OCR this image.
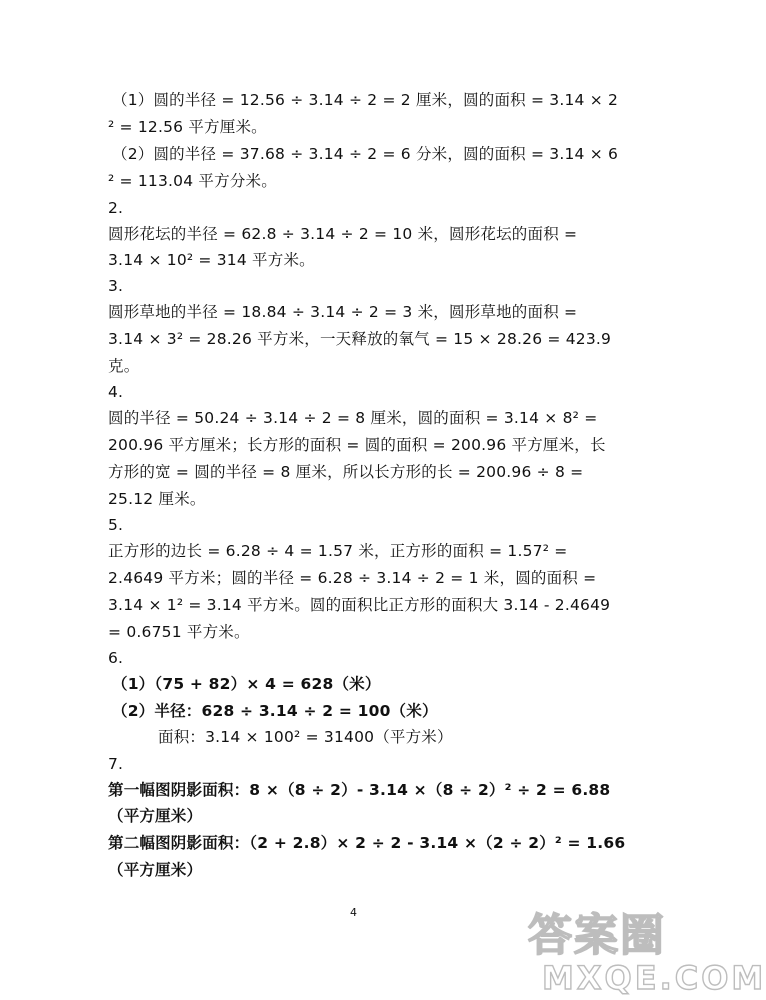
（1）圆的半径 = 12.56 ÷ 3.14 ÷ 2 = 2 厘米，圆的面积 = 3.14 × 2
² = 12.56 平方厘米。
（2）圆的半径 = 37.68 ÷ 3.14 ÷ 2 = 6 分米，圆的面积 = 3.14 × 6
² = 113.04 平方分米。
2.
圆形花坛的半径 = 62.8 ÷ 3.14 ÷ 2 = 10 米，圆形花坛的面积 =
3.14 × 10² = 314 平方米。
3.
圆形草地的半径 = 18.84 ÷ 3.14 ÷ 2 = 3 米，圆形草地的面积 =
3.14 × 3² = 28.26 平方米，一天释放的氧气 = 15 × 28.26 = 423.9
克。
4.
圆的半径 = 50.24 ÷ 3.14 ÷ 2 = 8 厘米，圆的面积 = 3.14 × 8² =
200.96 平方厘米；长方形的面积 = 圆的面积 = 200.96 平方厘米，长
方形的宽 = 圆的半径 = 8 厘米，所以长方形的长 = 200.96 ÷ 8 =
25.12 厘米。
5.
正方形的边长 = 6.28 ÷ 4 = 1.57 米，正方形的面积 = 1.57² =
2.4649 平方米；圆的半径 = 6.28 ÷ 3.14 ÷ 2 = 1 米，圆的面积 =
3.14 × 1² = 3.14 平方米。圆的面积比正方形的面积大 3.14 - 2.4649
= 0.6751 平方米。
6.
（1）（75 + 82）× 4 = 628（米）
（2）半径：628 ÷ 3.14 ÷ 2 = 100（米）
面积：3.14 × 100² = 31400（平方米）
7.
第一幅图阴影面积：8 ×（8 ÷ 2）- 3.14 ×（8 ÷ 2）² ÷ 2 = 6.88
（平方厘米）
第二幅图阴影面积：（2 + 2.8）× 2 ÷ 2 - 3.14 ×（2 ÷ 2）² = 1.66
（平方厘米）
4	答案圈
MXQE.COM
